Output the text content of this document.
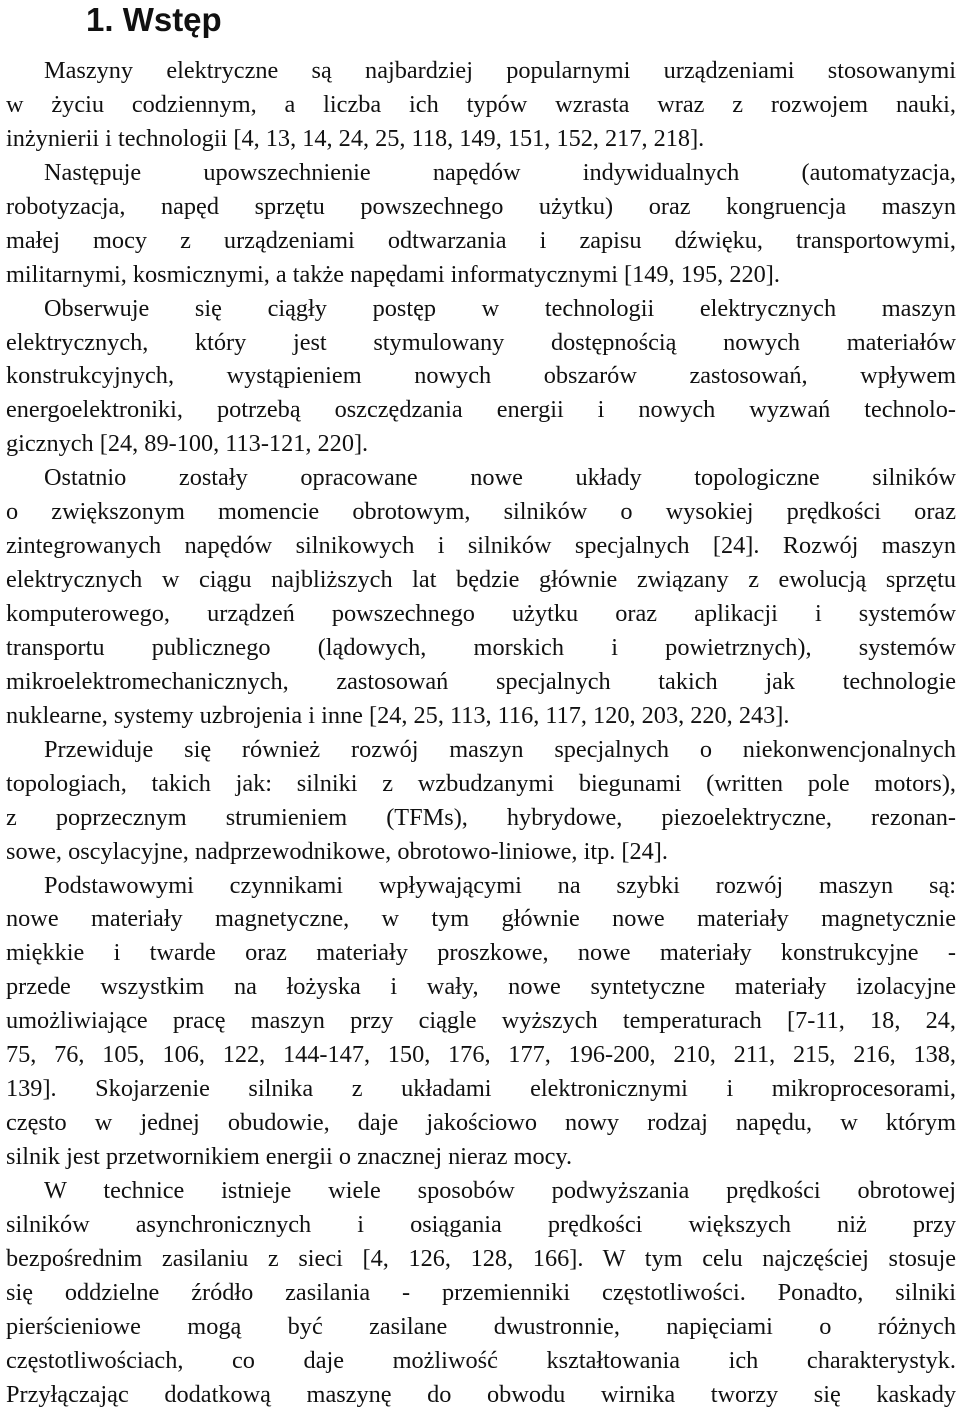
1. Wstęp
Maszyny elektryczne są najbardziej popularnymi urządzeniami stosowanymi
w życiu codziennym, a liczba ich typów wzrasta wraz z rozwojem nauki,
inżynierii i technologii [4, 13, 14, 24, 25, 118, 149, 151, 152, 217, 218].
Następuje upowszechnienie napędów indywidualnych (automatyzacja,
robotyzacja, napęd sprzętu powszechnego użytku) oraz kongruencja maszyn
małej mocy z urządzeniami odtwarzania i zapisu dźwięku, transportowymi,
militarnymi, kosmicznymi, a także napędami informatycznymi [149, 195, 220].
Obserwuje się ciągły postęp w technologii elektrycznych maszyn
elektrycznych, który jest stymulowany dostępnością nowych materiałów
konstrukcyjnych, wystąpieniem nowych obszarów zastosowań, wpływem
energoelektroniki, potrzebą oszczędzania energii i nowych wyzwań technolo-
gicznych [24, 89-100, 113-121, 220].
Ostatnio zostały opracowane nowe układy topologiczne silników
o zwiększonym momencie obrotowym, silników o wysokiej prędkości oraz
zintegrowanych napędów silnikowych i silników specjalnych [24]. Rozwój maszyn
elektrycznych w ciągu najbliższych lat będzie głównie związany z ewolucją sprzętu
komputerowego, urządzeń powszechnego użytku oraz aplikacji i systemów
transportu publicznego (lądowych, morskich i powietrznych), systemów
mikroelektromechanicznych, zastosowań specjalnych takich jak technologie
nuklearne, systemy uzbrojenia i inne [24, 25, 113, 116, 117, 120, 203, 220, 243].
Przewiduje się również rozwój maszyn specjalnych o niekonwencjonalnych
topologiach, takich jak: silniki z wzbudzanymi biegunami (written pole motors),
z poprzecznym strumieniem (TFMs), hybrydowe, piezoelektryczne, rezonan-
sowe, oscylacyjne, nadprzewodnikowe, obrotowo-liniowe, itp. [24].
Podstawowymi czynnikami wpływającymi na szybki rozwój maszyn są:
nowe materiały magnetyczne, w tym głównie nowe materiały magnetycznie
miękkie i twarde oraz materiały proszkowe, nowe materiały konstrukcyjne -
przede wszystkim na łożyska i wały, nowe syntetyczne materiały izolacyjne
umożliwiające pracę maszyn przy ciągle wyższych temperaturach [7-11, 18, 24,
75, 76, 105, 106, 122, 144-147, 150, 176, 177, 196-200, 210, 211, 215, 216, 138,
139]. Skojarzenie silnika z układami elektronicznymi i mikroprocesorami,
często w jednej obudowie, daje jakościowo nowy rodzaj napędu, w którym
silnik jest przetwornikiem energii o znacznej nieraz mocy.
W technice istnieje wiele sposobów podwyższania prędkości obrotowej
silników asynchronicznych i osiągania prędkości większych niż przy
bezpośrednim zasilaniu z sieci [4, 126, 128, 166]. W tym celu najczęściej stosuje
się oddzielne źródło zasilania - przemienniki częstotliwości. Ponadto, silniki
pierścieniowe mogą być zasilane dwustronnie, napięciami o różnych
częstotliwościach, co daje możliwość kształtowania ich charakterystyk.
Przyłączając dodatkową maszynę do obwodu wirnika tworzy się kaskady
